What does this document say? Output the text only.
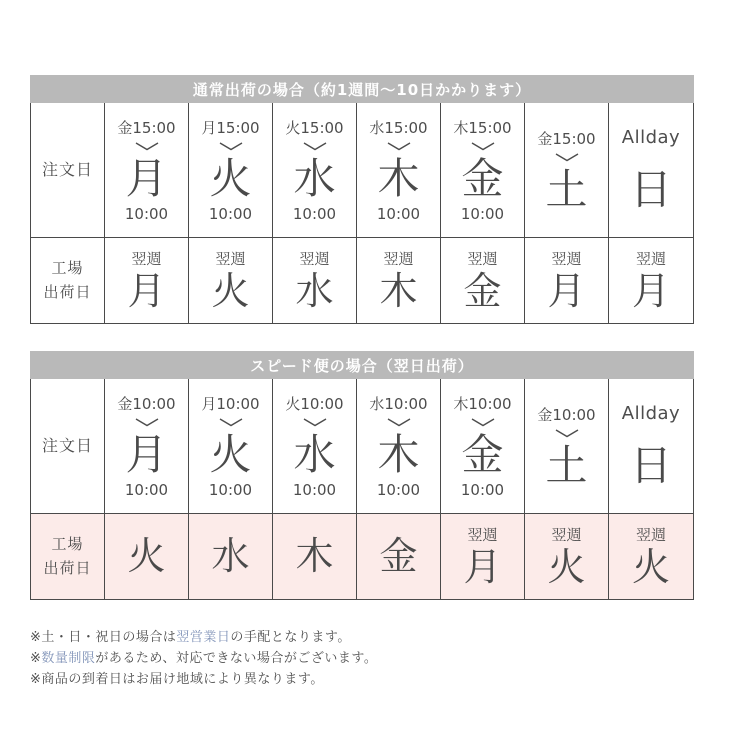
通常出荷の場合（約1週間〜10日かかります）
注文日
金15:00
月
10:00
月15:00
火
10:00
火15:00
水
10:00
水15:00
木
10:00
木15:00
金
10:00
金15:00
土
Allday
日
工場
出荷日
翌週
月
翌週
火
翌週
水
翌週
木
翌週
金
翌週
月
翌週
月
スピード便の場合（翌日出荷）
注文日
金10:00
月
10:00
月10:00
火
10:00
火10:00
水
10:00
水10:00
木
10:00
木10:00
金
10:00
金10:00
土
Allday
日
工場
出荷日 火 水 木 金	翌週
月
翌週
火
翌週
火
※土・日・祝日の場合は翌営業日の手配となります。
※数量制限があるため、対応できない場合がございます。
※商品の到着日はお届け地域により異なります。
